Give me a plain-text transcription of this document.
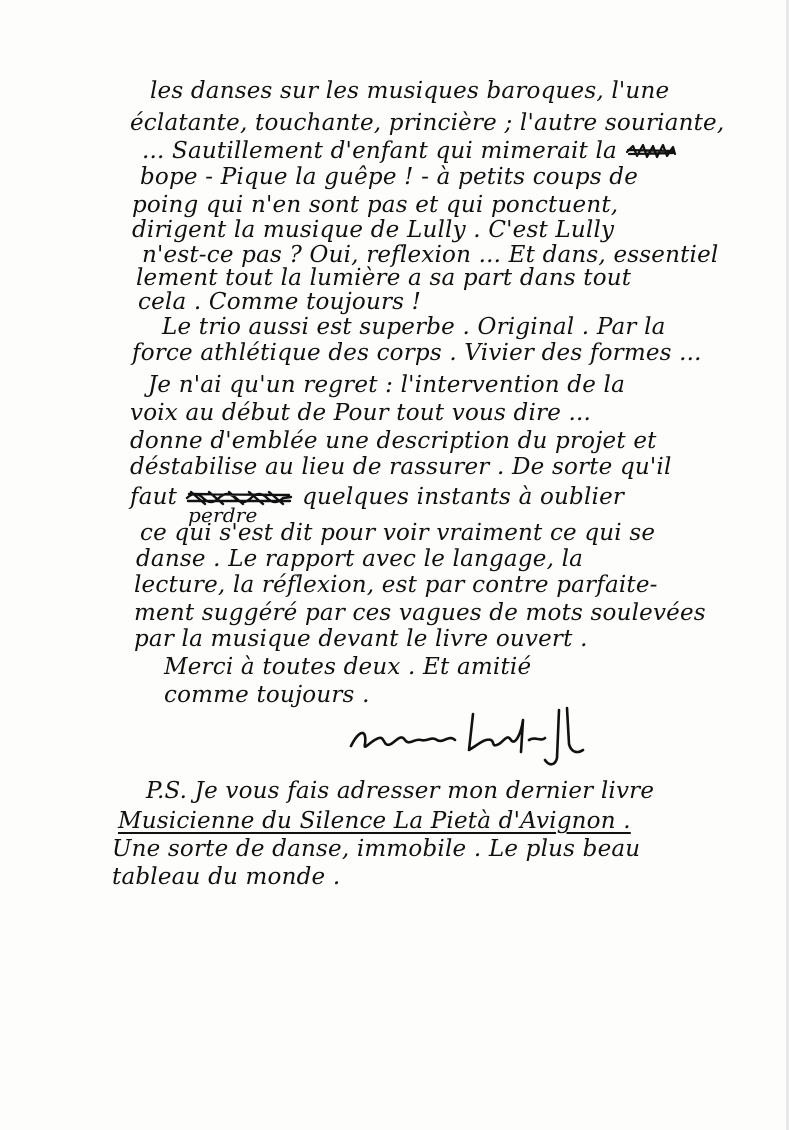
les danses sur les musiques baroques, l'une
éclatante, touchante, princière ; l'autre souriante,
... Sautillement d'enfant qui mimerait la
bope - Pique la guêpe ! - à petits coups de
poing qui n'en sont pas et qui ponctuent,
dirigent la musique de Lully . C'est Lully
n'est-ce pas ? Oui, reflexion ... Et dans, essentiel
lement tout la lumière a sa part dans tout
cela . Comme toujours !
Le trio aussi est superbe . Original . Par la
force athlétique des corps . Vivier des formes ...
Je n'ai qu'un regret : l'intervention de la
voix au début de Pour tout vous dire ...
donne d'emblée une description du projet et
déstabilise au lieu de rassurer . De sorte qu'il
faut	quelques instants à oublier
perdre
ce qui s'est dit pour voir vraiment ce qui se
danse . Le rapport avec le langage, la
lecture, la réflexion, est par contre parfaite-
ment suggéré par ces vagues de mots soulevées
par la musique devant le livre ouvert .
Merci à toutes deux . Et amitié
comme toujours .
P.S. Je vous fais adresser mon dernier livre
Musicienne du Silence La Pietà d'Avignon .
Une sorte de danse, immobile . Le plus beau
tableau du monde .
